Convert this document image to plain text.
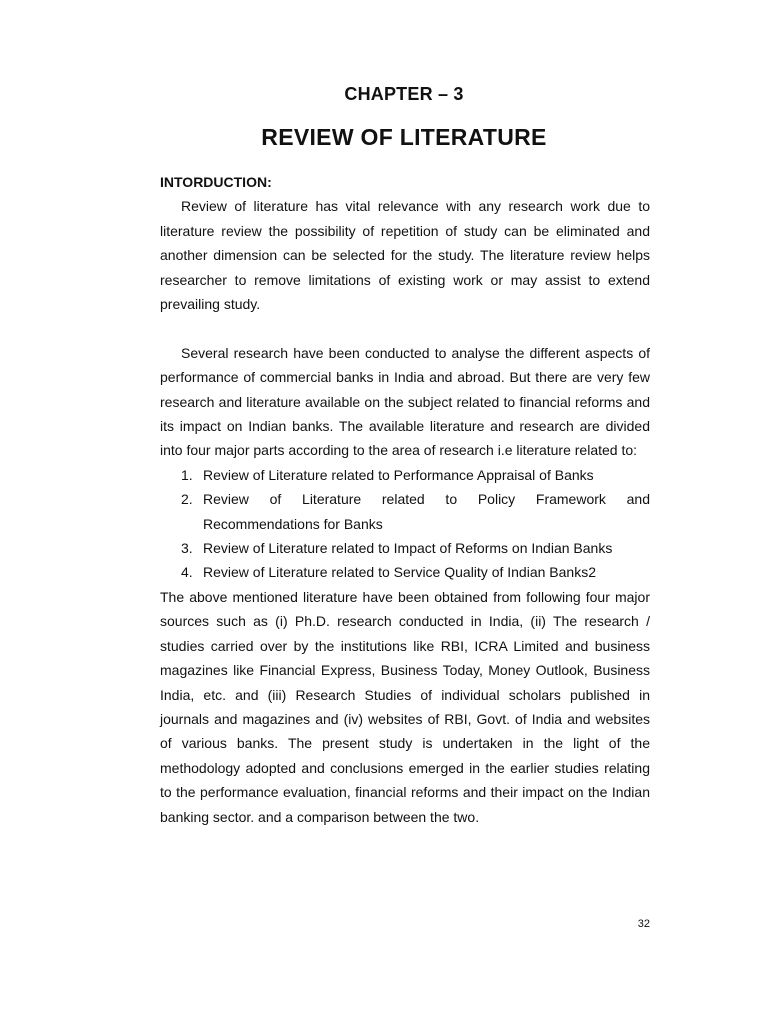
CHAPTER – 3
REVIEW OF LITERATURE
INTORDUCTION:

Review of literature has vital relevance with any research work due to literature review the possibility of repetition of study can be eliminated and another dimension can be selected for the study. The literature review helps researcher to remove limitations of existing work or may assist to extend prevailing study.

Several research have been conducted to analyse the different aspects of performance of commercial banks in India and abroad. But there are very few research and literature available on the subject related to financial reforms and its impact on Indian banks. The available literature and research are divided into four major parts according to the area of research i.e literature related to:

1. Review of Literature related to Performance Appraisal of Banks
2. Review of Literature related to Policy Framework and Recommendations for Banks
3. Review of Literature related to Impact of Reforms on Indian Banks
4. Review of Literature related to Service Quality of Indian Banks2

The above mentioned literature have been obtained from following four major sources such as (i) Ph.D. research conducted in India, (ii) The research / studies carried over by the institutions like RBI, ICRA Limited and business magazines like Financial Express, Business Today, Money Outlook, Business India, etc. and (iii) Research Studies of individual scholars published in journals and magazines and (iv) websites of RBI, Govt. of India and websites of various banks. The present study is undertaken in the light of the methodology adopted and conclusions emerged in the earlier studies relating to the performance evaluation, financial reforms and their impact on the Indian banking sector. and a comparison between the two.

32
